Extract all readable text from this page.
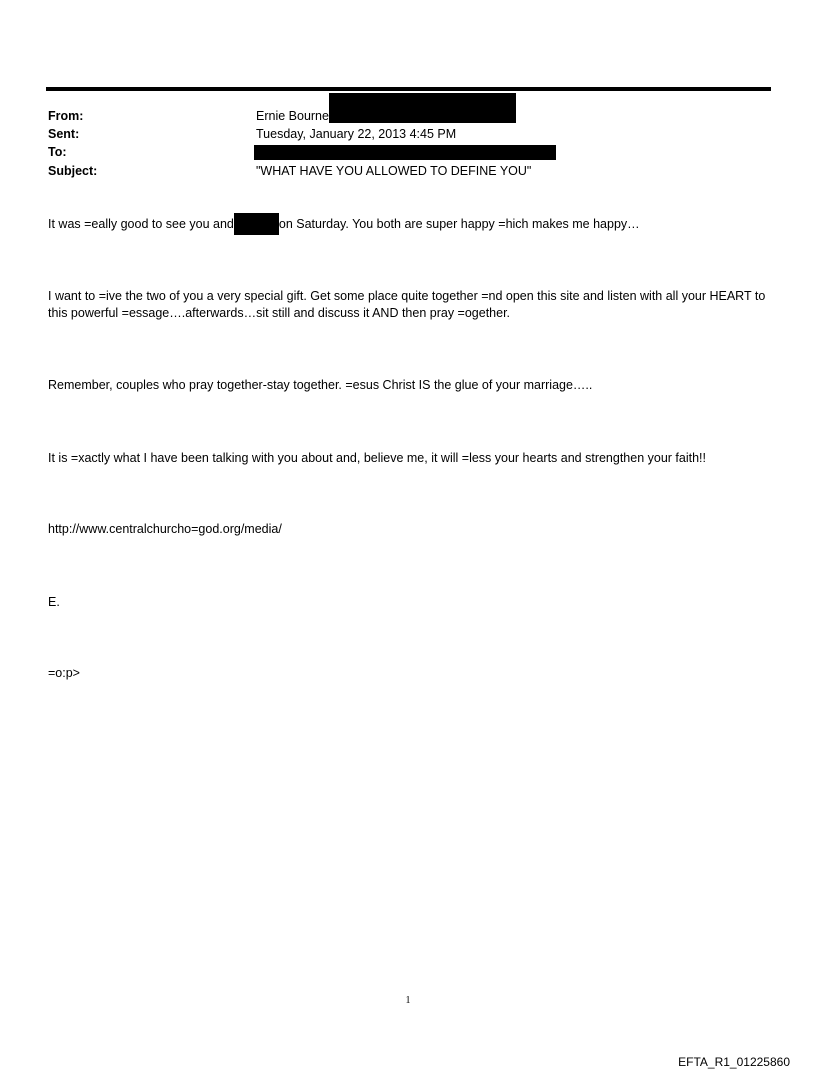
From:	Ernie Bourne
Sent:	Tuesday, January 22, 2013 4:45 PM
To:
Subject:	"WHAT HAVE YOU ALLOWED TO DEFINE YOU"
It was =eally good to see you and	on Saturday. You both are super happy =hich makes me happy…
I want to =ive the two of you a very special gift. Get some place quite together =nd open this site and listen with all your HEART to this powerful =essage….afterwards…sit still and discuss it AND then pray =ogether.
Remember, couples who pray together-stay together. =esus Christ IS the glue of your marriage…..
It is =xactly what I have been talking with you about and, believe me, it will =less your hearts and strengthen your faith!!
http://www.centralchurcho=god.org/media/
E.
=o:p>
1
EFTA_R1_01225860
